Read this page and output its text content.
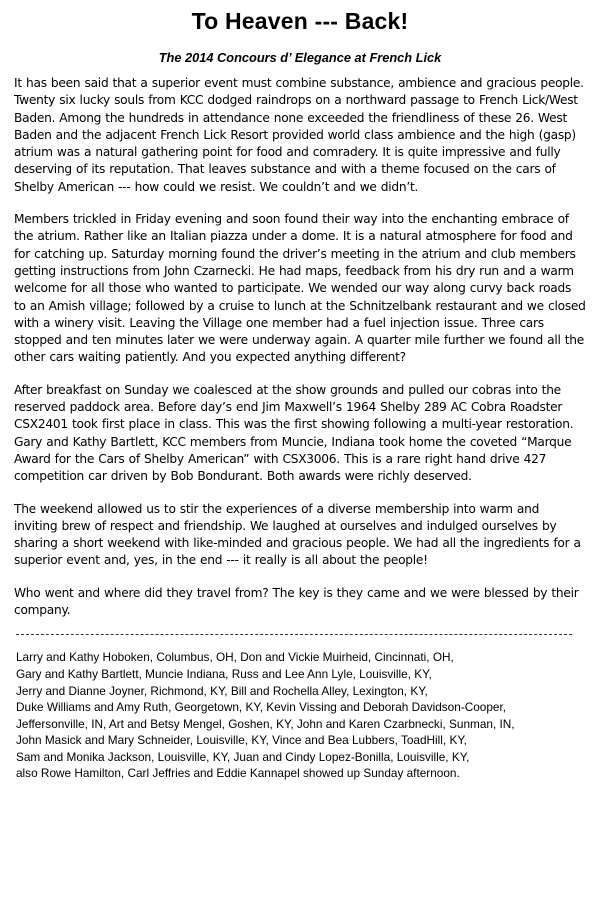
To Heaven --- Back!
The 2014 Concours d’ Elegance at French Lick

It has been said that a superior event must combine substance, ambience and gracious people. Twenty six lucky souls from KCC dodged raindrops on a northward passage to French Lick/West Baden. Among the hundreds in attendance none exceeded the friendliness of these 26. West Baden and the adjacent French Lick Resort provided world class ambience and the high (gasp) atrium was a natural gathering point for food and comradery. It is quite impressive and fully deserving of its reputation. That leaves substance and with a theme focused on the cars of Shelby American --- how could we resist. We couldn’t and we didn’t.

Members trickled in Friday evening and soon found their way into the enchanting embrace of the atrium. Rather like an Italian piazza under a dome. It is a natural atmosphere for food and for catching up. Saturday morning found the driver’s meeting in the atrium and club members getting instructions from John Czarnecki. He had maps, feedback from his dry run and a warm welcome for all those who wanted to participate. We wended our way along curvy back roads to an Amish village; followed by a cruise to lunch at the Schnitzelbank restaurant and we closed with a winery visit. Leaving the Village one member had a fuel injection issue. Three cars stopped and ten minutes later we were underway again. A quarter mile further we found all the other cars waiting patiently. And you expected anything different?

After breakfast on Sunday we coalesced at the show grounds and pulled our cobras into the reserved paddock area. Before day’s end Jim Maxwell’s 1964 Shelby 289 AC Cobra Roadster CSX2401 took first place in class. This was the first showing following a multi-year restoration. Gary and Kathy Bartlett, KCC members from Muncie, Indiana took home the coveted “Marque Award for the Cars of Shelby American” with CSX3006. This is a rare right hand drive 427 competition car driven by Bob Bondurant. Both awards were richly deserved.

The weekend allowed us to stir the experiences of a diverse membership into warm and inviting brew of respect and friendship. We laughed at ourselves and indulged ourselves by sharing a short weekend with like-minded and gracious people. We had all the ingredients for a superior event and, yes, in the end --- it really is all about the people!

Who went and where did they travel from? The key is they came and we were blessed by their company.

Larry and Kathy Hoboken, Columbus, OH, Don and Vickie Muirheid, Cincinnati, OH,
Gary and Kathy Bartlett, Muncie Indiana, Russ and Lee Ann Lyle, Louisville, KY,
Jerry and Dianne Joyner, Richmond, KY, Bill and Rochella Alley, Lexington, KY,
Duke Williams and Amy Ruth, Georgetown, KY, Kevin Vissing and Deborah Davidson-Cooper,
Jeffersonville, IN, Art and Betsy Mengel, Goshen, KY, John and Karen Czarbnecki, Sunman, IN,
John Masick and Mary Schneider, Louisville, KY, Vince and Bea Lubbers, ToadHill, KY,
Sam and Monika Jackson, Louisville, KY, Juan and Cindy Lopez-Bonilla, Louisville, KY,
also Rowe Hamilton, Carl Jeffries and Eddie Kannapel showed up Sunday afternoon.
